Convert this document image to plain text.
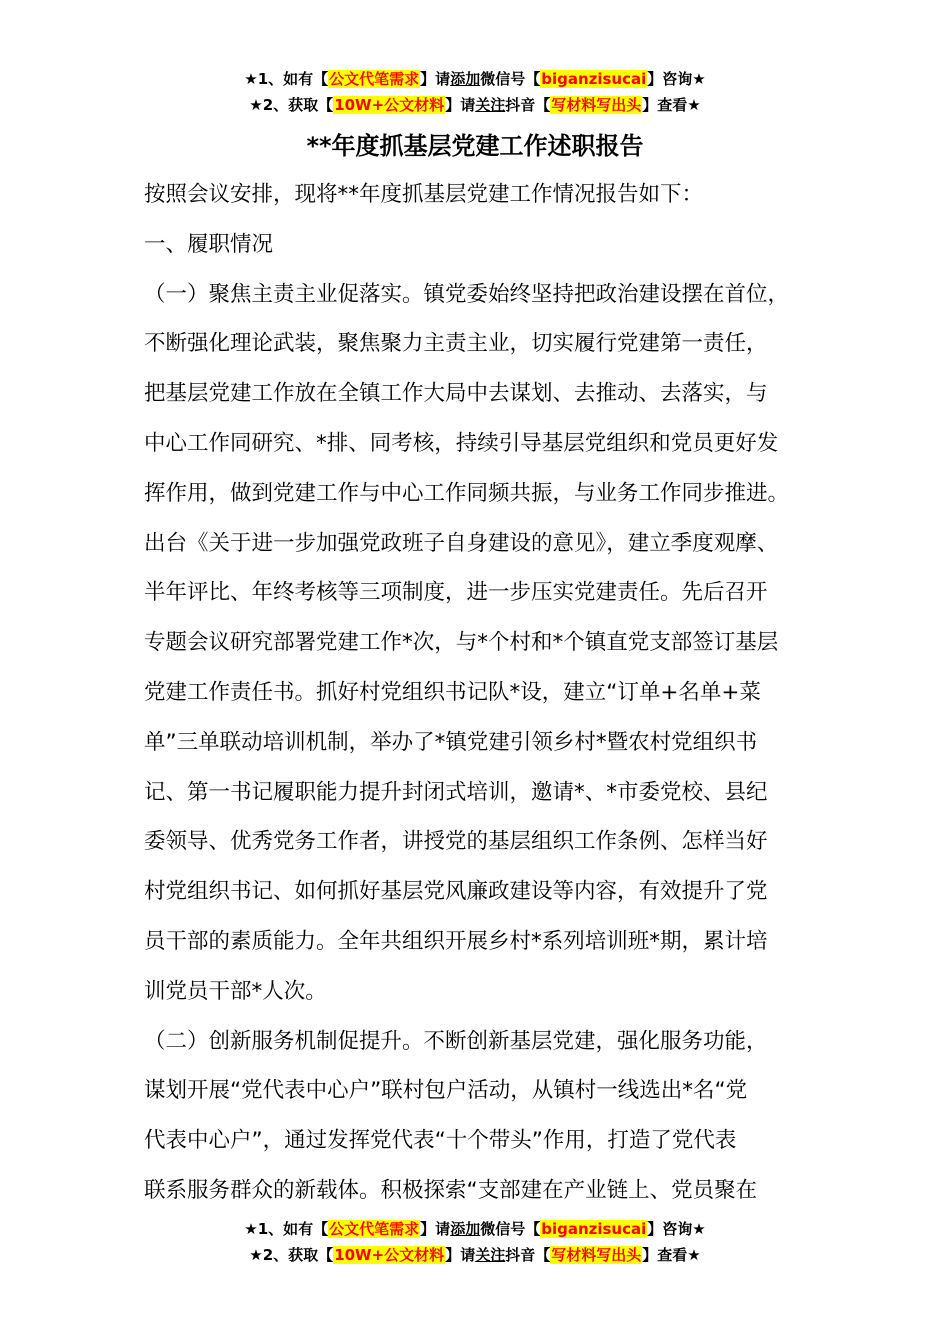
★1、如有【公文代笔需求】请添加微信号【biganzisucai】咨询★
★2、获取【10W+公文材料】请关注抖音【写材料写出头】查看★
**年度抓基层党建工作述职报告

按照会议安排，现将**年度抓基层党建工作情况报告如下：

一、履职情况

（一）聚焦主责主业促落实。镇党委始终坚持把政治建设摆在首位，

不断强化理论武装，聚焦聚力主责主业，切实履行党建第一责任，

把基层党建工作放在全镇工作大局中去谋划、去推动、去落实，与

中心工作同研究、*排、同考核，持续引导基层党组织和党员更好发

挥作用，做到党建工作与中心工作同频共振，与业务工作同步推进。

出台《关于进一步加强党政班子自身建设的意见》，建立季度观摩、

半年评比、年终考核等三项制度，进一步压实党建责任。先后召开

专题会议研究部署党建工作*次，与*个村和*个镇直党支部签订基层

党建工作责任书。抓好村党组织书记队*设，建立“订单+名单+菜

单”三单联动培训机制，举办了*镇党建引领乡村*暨农村党组织书

记、第一书记履职能力提升封闭式培训，邀请*、*市委党校、县纪

委领导、优秀党务工作者，讲授党的基层组织工作条例、怎样当好

村党组织书记、如何抓好基层党风廉政建设等内容，有效提升了党

员干部的素质能力。全年共组织开展乡村*系列培训班*期，累计培

训党员干部*人次。

（二）创新服务机制促提升。不断创新基层党建，强化服务功能，

谋划开展“党代表中心户”联村包户活动，从镇村一线选出*名“党

代表中心户”，通过发挥党代表“十个带头”作用，打造了党代表

联系服务群众的新载体。积极探索“支部建在产业链上、党员聚在

★1、如有【公文代笔需求】请添加微信号【biganzisucai】咨询★
★2、获取【10W+公文材料】请关注抖音【写材料写出头】查看★
